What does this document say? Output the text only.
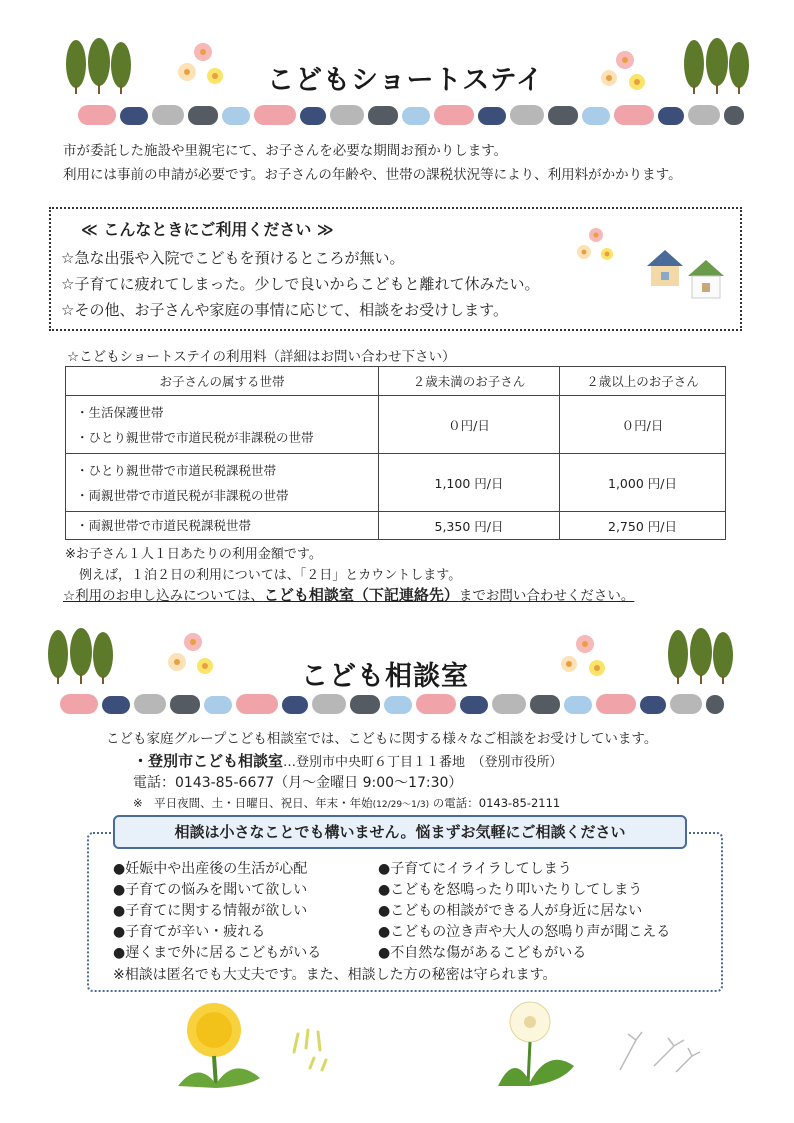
こどもショートステイ
市が委託した施設や里親宅にて、お子さんを必要な期間お預かりします。
利用には事前の申請が必要です。お子さんの年齢や、世帯の課税状況等により、利用料がかかります。
≪ こんなときにご利用ください ≫
☆急な出張や入院でこどもを預けるところが無い。
☆子育てに疲れてしまった。少しで良いからこどもと離れて休みたい。
☆その他、お子さんや家庭の事情に応じて、相談をお受けします。
☆こどもショートステイの利用料（詳細はお問い合わせ下さい）
お子さんの属する世帯	２歳未満のお子さん	２歳以上のお子さん

・生活保護世帯
・ひとり親世帯で市道民税が非課税の世帯	０円/日	０円/日

・ひとり親世帯で市道民税課税世帯
・両親世帯で市道民税が非課税の世帯	1,100 円/日	1,000 円/日
・両親世帯で市道民税課税世帯	5,350 円/日	2,750 円/日
※お子さん１人１日あたりの利用金額です。
例えば，１泊２日の利用については、「２日」とカウントします。
☆利用のお申し込みについては、こども相談室（下記連絡先）までお問い合わせください。
こども相談室
こども家庭グループこども相談室では、こどもに関する様々なご相談をお受けしています。
・登別市こども相談室…登別市中央町６丁目１１番地　（登別市役所）
電話：0143-85-6677（月～金曜日 9:00～17:30）
※　平日夜間、土・日曜日、祝日、年末・年始(12/29～1/3) の電話：0143-85-2111
相談は小さなことでも構いません。悩まずお気軽にご相談ください
●妊娠中や出産後の生活が心配
●子育ての悩みを聞いて欲しい
●子育てに関する情報が欲しい
●子育てが辛い・疲れる
●遅くまで外に居るこどもがいる
●子育てにイライラしてしまう
●こどもを怒鳴ったり叩いたりしてしまう
●こどもの相談ができる人が身近に居ない
●こどもの泣き声や大人の怒鳴り声が聞こえる
●不自然な傷があるこどもがいる
※相談は匿名でも大丈夫です。また、相談した方の秘密は守られます。
